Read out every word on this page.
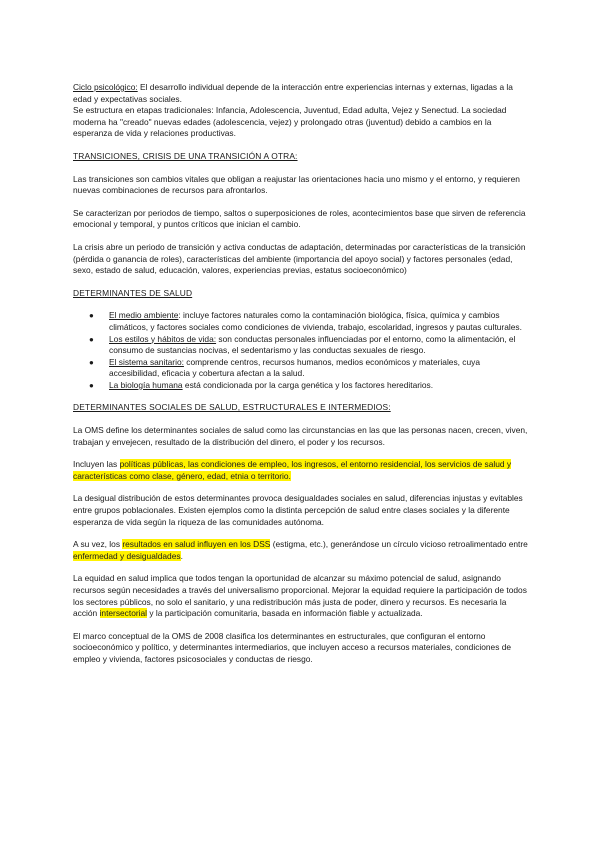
Ciclo psicológico: El desarrollo individual depende de la interacción entre experiencias internas y externas, ligadas a la edad y expectativas sociales.

Se estructura en etapas tradicionales: Infancia, Adolescencia, Juventud, Edad adulta, Vejez y Senectud. La sociedad moderna ha "creado" nuevas edades (adolescencia, vejez) y prolongado otras (juventud) debido a cambios en la esperanza de vida y relaciones productivas.

TRANSICIONES, CRISIS DE UNA TRANSICIÓN A OTRA:

Las transiciones son cambios vitales que obligan a reajustar las orientaciones hacia uno mismo y el entorno, y requieren nuevas combinaciones de recursos para afrontarlos.

Se caracterizan por periodos de tiempo, saltos o superposiciones de roles, acontecimientos base que sirven de referencia emocional y temporal, y puntos críticos que inician el cambio.

La crisis abre un periodo de transición y activa conductas de adaptación, determinadas por características de la transición (pérdida o ganancia de roles), características del ambiente (importancia del apoyo social) y factores personales (edad, sexo, estado de salud, educación, valores, experiencias previas, estatus socioeconómico)

DETERMINANTES DE SALUD

● El medio ambiente: incluye factores naturales como la contaminación biológica, física, química y cambios climáticos, y factores sociales como condiciones de vivienda, trabajo, escolaridad, ingresos y pautas culturales.
● Los estilos y hábitos de vida: son conductas personales influenciadas por el entorno, como la alimentación, el consumo de sustancias nocivas, el sedentarismo y las conductas sexuales de riesgo.
● El sistema sanitario: comprende centros, recursos humanos, medios económicos y materiales, cuya accesibilidad, eficacia y cobertura afectan a la salud.
● La biología humana está condicionada por la carga genética y los factores hereditarios.

DETERMINANTES SOCIALES DE SALUD, ESTRUCTURALES E INTERMEDIOS:

La OMS define los determinantes sociales de salud como las circunstancias en las que las personas nacen, crecen, viven, trabajan y envejecen, resultado de la distribución del dinero, el poder y los recursos.

Incluyen las políticas públicas, las condiciones de empleo, los ingresos, el entorno residencial, los servicios de salud y características como clase, género, edad, etnia o territorio.

La desigual distribución de estos determinantes provoca desigualdades sociales en salud, diferencias injustas y evitables entre grupos poblacionales. Existen ejemplos como la distinta percepción de salud entre clases sociales y la diferente esperanza de vida según la riqueza de las comunidades autónoma.

A su vez, los resultados en salud influyen en los DSS (estigma, etc.), generándose un círculo vicioso retroalimentado entre enfermedad y desigualdades.

La equidad en salud implica que todos tengan la oportunidad de alcanzar su máximo potencial de salud, asignando recursos según necesidades a través del universalismo proporcional. Mejorar la equidad requiere la participación de todos los sectores públicos, no solo el sanitario, y una redistribución más justa de poder, dinero y recursos. Es necesaria la acción intersectorial y la participación comunitaria, basada en información fiable y actualizada.

El marco conceptual de la OMS de 2008 clasifica los determinantes en estructurales, que configuran el entorno socioeconómico y político, y determinantes intermediarios, que incluyen acceso a recursos materiales, condiciones de empleo y vivienda, factores psicosociales y conductas de riesgo.
